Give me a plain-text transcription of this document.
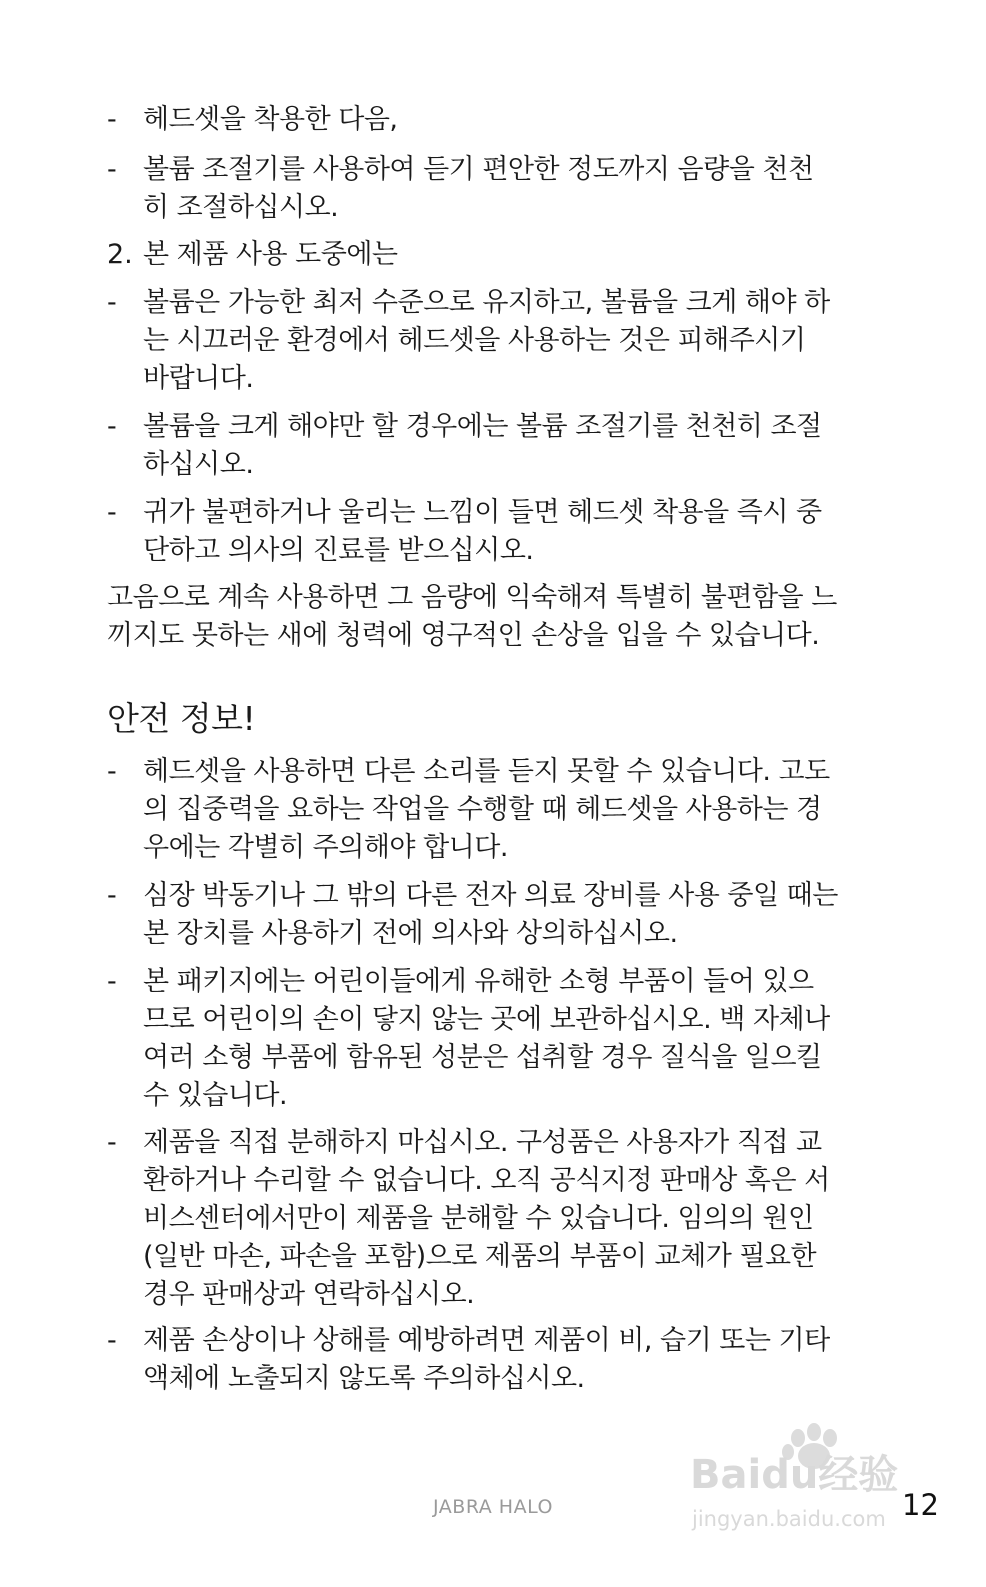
- 헤드셋을 착용한 다음,
- 볼륨 조절기를 사용하여 듣기 편안한 정도까지 음량을 천천
히 조절하십시오.
2. 본 제품 사용 도중에는
- 볼륨은 가능한 최저 수준으로 유지하고, 볼륨을 크게 해야 하
는 시끄러운 환경에서 헤드셋을 사용하는 것은 피해주시기
바랍니다.
- 볼륨을 크게 해야만 할 경우에는 볼륨 조절기를 천천히 조절
하십시오.
- 귀가 불편하거나 울리는 느낌이 들면 헤드셋 착용을 즉시 중
단하고 의사의 진료를 받으십시오.
고음으로 계속 사용하면 그 음량에 익숙해져 특별히 불편함을 느
끼지도 못하는 새에 청력에 영구적인 손상을 입을 수 있습니다.
안전 정보!
- 헤드셋을 사용하면 다른 소리를 듣지 못할 수 있습니다. 고도
의 집중력을 요하는 작업을 수행할 때 헤드셋을 사용하는 경
우에는 각별히 주의해야 합니다.
- 심장 박동기나 그 밖의 다른 전자 의료 장비를 사용 중일 때는
본 장치를 사용하기 전에 의사와 상의하십시오.
- 본 패키지에는 어린이들에게 유해한 소형 부품이 들어 있으
므로 어린이의 손이 닿지 않는 곳에 보관하십시오. 백 자체나
여러 소형 부품에 함유된 성분은 섭취할 경우 질식을 일으킬
수 있습니다.
- 제품을 직접 분해하지 마십시오. 구성품은 사용자가 직접 교
환하거나 수리할 수 없습니다. 오직 공식지정 판매상 혹은 서
비스센터에서만이 제품을 분해할 수 있습니다. 임의의 원인
(일반 마손, 파손을 포함)으로 제품의 부품이 교체가 필요한
경우 판매상과 연락하십시오.
- 제품 손상이나 상해를 예방하려면 제품이 비, 습기 또는 기타
액체에 노출되지 않도록 주의하십시오.
Baidu经验
jingyan.baidu.com
JABRA HALO	12
